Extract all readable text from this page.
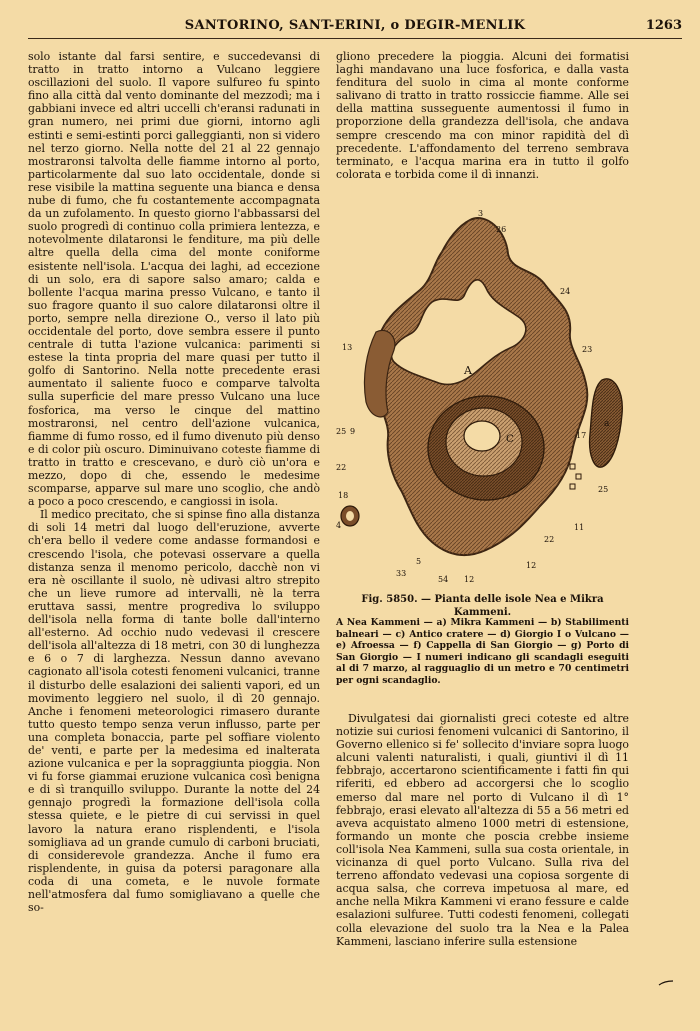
SANTORINO, SANT-ERINI, o DEGIR-MENLIK	1263

solo istante dal farsi sentire, e succedevansi di tratto in tratto intorno a Vulcano leggiere oscillazioni del suolo. Il vapore sulfureo fu spinto fino alla città dal vento dominante del mezzodì; ma i gabbiani invece ed altri uccelli ch'eransi radunati in gran numero, nei primi due giorni, intorno agli estinti e semi-estinti porci galleggianti, non si videro nel terzo giorno. Nella notte del 21 al 22 gennajo mostraronsi talvolta delle fiamme intorno al porto, particolarmente dal suo lato occidentale, donde si rese visibile la mattina seguente una bianca e densa nube di fumo, che fu costantemente accompagnata da un zufolamento. In questo giorno l'abbassarsi del suolo progredì di continuo colla primiera lentezza, e notevolmente dilataronsi le fenditure, ma più delle altre quella della cima del monte coniforme esistente nell'isola. L'acqua dei laghi, ad eccezione di un solo, era di sapore salso amaro; calda e bollente l'acqua marina presso Vulcano, e tanto il suo fragore quanto il suo calore dilataronsi oltre il porto, sempre nella direzione O., verso il lato più occidentale del porto, dove sembra essere il punto centrale di tutta l'azione vulcanica: parimenti si estese la tinta propria del mare quasi per tutto il golfo di Santorino. Nella notte precedente erasi aumentato il saliente fuoco e comparve talvolta sulla superficie del mare presso Vulcano una luce fosforica, ma verso le cinque del mattino mostraronsi, nel centro dell'azione vulcanica, fiamme di fumo rosso, ed il fumo divenuto più denso e di color più oscuro. Diminuivano coteste fiamme di tratto in tratto e crescevano, e durò ciò un'ora e mezzo, dopo di che, essendo le medesime scomparse, apparve sul mare uno scoglio, che andò a poco a poco crescendo, e cangiossi in isola.

Il medico precitato, che si spinse fino alla distanza di soli 14 metri dal luogo dell'eruzione, avverte ch'era bello il vedere come andasse formandosi e crescendo l'isola, che potevasi osservare a quella distanza senza il menomo pericolo, dacchè non vi era nè oscillante il suolo, nè udivasi altro strepito che un lieve rumore ad intervalli, nè la terra eruttava sassi, mentre progrediva lo sviluppo dell'isola nella forma di tante bolle dall'interno all'esterno. Ad occhio nudo vedevasi il crescere dell'isola all'altezza di 18 metri, con 30 di lunghezza e 6 o 7 di larghezza. Nessun danno avevano cagionato all'isola cotesti fenomeni vulcanici, tranne il disturbo delle esalazioni dei salienti vapori, ed un movimento leggiero nel suolo, il dì 20 gennajo. Anche i fenomeni meteorologici rimasero durante tutto questo tempo senza verun influsso, parte per una completa bonaccia, parte pel soffiare violento de' venti, e parte per la medesima ed inalterata azione vulcanica e per la sopraggiunta pioggia. Non vi fu forse giammai eruzione vulcanica così benigna e di sì tranquillo sviluppo. Durante la notte del 24 gennajo progredì la formazione dell'isola colla stessa quiete, e le pietre di cui servissi in quel lavoro la natura erano risplendenti, e l'isola somigliava ad un grande cumulo di carboni bruciati, di considerevole grandezza. Anche il fumo era risplendente, in guisa da potersi paragonare alla coda di una cometa, e le nuvole formate nell'atmosfera dal fumo somigliavano a quelle che so-

gliono precedere la pioggia. Alcuni dei formatisi laghi mandavano una luce fosforica, e dalla vasta fenditura del suolo in cima al monte conforme salivano di tratto in tratto rossiccie fiamme. Alle sei della mattina susseguente aumentossi il fumo in proporzione della grandezza dell'isola, che andava sempre crescendo ma con minor rapidità del dì precedente. L'affondamento del terreno sembrava terminato, e l'acqua marina era in tutto il golfo colorata e torbida come il dì innanzi.

3
26
24
13	23
22
25 9
18
4
33
5
54 12
12
22
17
25
11
A
C
a
Fig. 5850. — Pianta delle isole Nea e Mikra Kammeni.
A Nea Kammeni — a) Mikra Kammeni — b) Stabilimenti balneari — c) Antico cratere — d) Giorgio I o Vulcano — e) Afroessa — f) Cappella di San Giorgio — g) Porto di San Giorgio — I numeri indicano gli scandagli eseguiti al di 7 marzo, al ragguaglio di un metro e 70 centimetri per ogni scandaglio.

Divulgatesi dai giornalisti greci coteste ed altre notizie sui curiosi fenomeni vulcanici di Santorino, il Governo ellenico si fe' sollecito d'inviare sopra luogo alcuni valenti naturalisti, i quali, giuntivi il dì 11 febbrajo, accertarono scientificamente i fatti fin qui riferiti, ed ebbero ad accorgersi che lo scoglio emerso dal mare nel porto di Vulcano il dì 1° febbrajo, erasi elevato all'altezza di 55 a 56 metri ed aveva acquistato almeno 1000 metri di estensione, formando un monte che poscia crebbe insieme coll'isola Nea Kammeni, sulla sua costa orientale, in vicinanza di quel porto Vulcano. Sulla riva del terreno affondato vedevasi una copiosa sorgente di acqua salsa, che correva impetuosa al mare, ed anche nella Mikra Kammeni vi erano fessure e calde esalazioni sulfuree. Tutti codesti fenomeni, collegati colla elevazione del suolo tra la Nea e la Palea Kammeni, lasciano inferire sulla estensione
